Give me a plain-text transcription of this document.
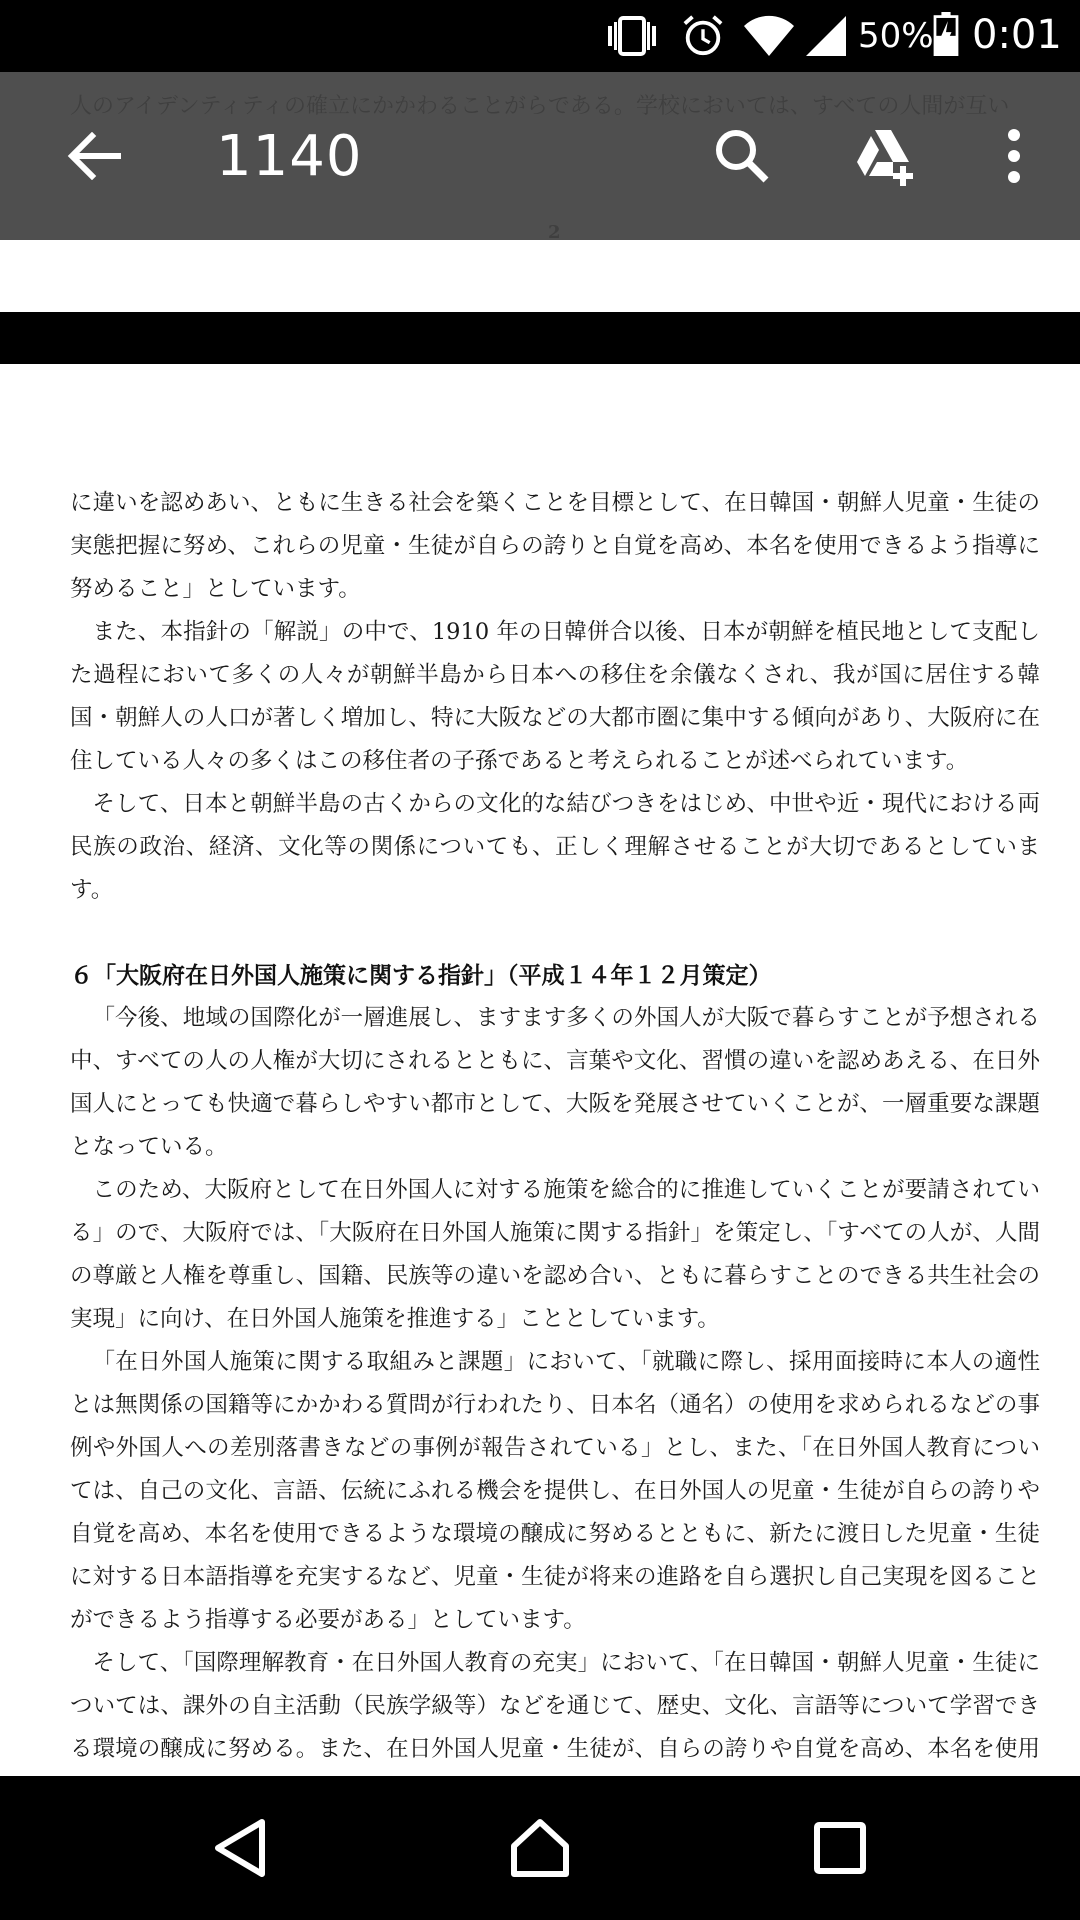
50% 0:01
1140

に違いを認めあい、ともに生きる社会を築くことを目標として、在日韓国・朝鮮人児童・生徒の実態把握に努め、これらの児童・生徒が自らの誇りと自覚を高め、本名を使用できるよう指導に努めること」としています。

また、本指針の「解説」の中で、1910 年の日韓併合以後、日本が朝鮮を植民地として支配した過程において多くの人々が朝鮮半島から日本への移住を余儀なくされ、我が国に居住する韓国・朝鮮人の人口が著しく増加し、特に大阪などの大都市圏に集中する傾向があり、大阪府に在住している人々の多くはこの移住者の子孫であると考えられることが述べられています。

そして、日本と朝鮮半島の古くからの文化的な結びつきをはじめ、中世や近・現代における両民族の政治、経済、文化等の関係についても、正しく理解させることが大切であるとしています。

６「大阪府在日外国人施策に関する指針」（平成１４年１２月策定）

「今後、地域の国際化が一層進展し、ますます多くの外国人が大阪で暮らすことが予想される中、すべての人の人権が大切にされるとともに、言葉や文化、習慣の違いを認めあえる、在日外国人にとっても快適で暮らしやすい都市として、大阪を発展させていくことが、一層重要な課題となっている。

このため、大阪府として在日外国人に対する施策を総合的に推進していくことが要請されている」ので、大阪府では、「大阪府在日外国人施策に関する指針」を策定し、「すべての人が、人間の尊厳と人権を尊重し、国籍、民族等の違いを認め合い、ともに暮らすことのできる共生社会の実現」に向け、在日外国人施策を推進する」こととしています。

「在日外国人施策に関する取組みと課題」において、「就職に際し、採用面接時に本人の適性とは無関係の国籍等にかかわる質問が行われたり、日本名（通名）の使用を求められるなどの事例や外国人への差別落書きなどの事例が報告されている」とし、また、「在日外国人教育については、自己の文化、言語、伝統にふれる機会を提供し、在日外国人の児童・生徒が自らの誇りや自覚を高め、本名を使用できるような環境の醸成に努めるとともに、新たに渡日した児童・生徒に対する日本語指導を充実するなど、児童・生徒が将来の進路を自ら選択し自己実現を図ることができるよう指導する必要がある」としています。

そして、「国際理解教育・在日外国人教育の充実」において、「在日韓国・朝鮮人児童・生徒については、課外の自主活動（民族学級等）などを通じて、歴史、文化、言語等について学習できる環境の醸成に努める。また、在日外国人児童・生徒が、自らの誇りや自覚を高め、本名を使用
